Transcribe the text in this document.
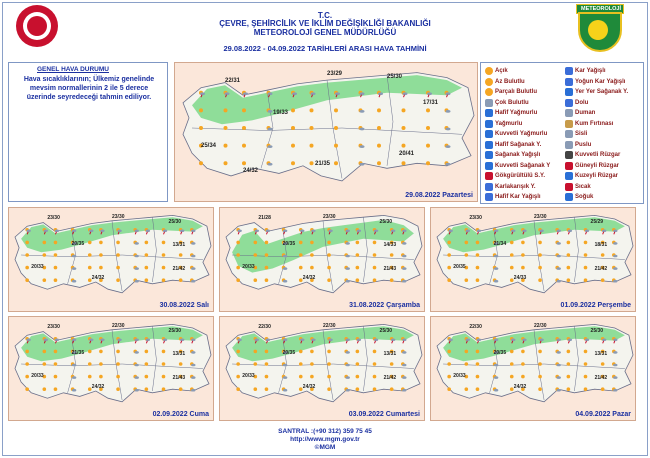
T.C.
ÇEVRE, ŞEHİRCİLİK VE İKLİM DEĞİŞİKLİĞİ BAKANLIĞI
METEOROLOJİ GENEL MÜDÜRLÜĞÜ
29.08.2022 - 04.09.2022 TARİHLERİ ARASI HAVA TAHMİNİ
METEOROLOJİ
GENEL HAVA DURUMU
Hava sıcaklıklarının; Ülkemiz genelinde mevsim normallerinin 2 ile 5 derece üzerinde seyredeceği tahmin ediliyor.
29.08.2022 Pazartesi
22/31
23/29	25/30
17/31
19/33
25/34
21/35
20/41
24/32
Açık
Az Bulutlu
Parçalı Bulutlu
Çok Bulutlu
Hafif Yağmurlu
Yağmurlu
Kuvvetli Yağmurlu
Hafif Sağanak Y.
Sağanak Yağışlı
Kuvvetli Sağanak Y
Gökgürültülü S.Y.
Karlakarışık Y.
Hafif Kar Yağışlı
Kar Yağışlı
Yoğun Kar Yağışlı
Yer Yer Sağanak Y.
Dolu
Duman
Kum Fırtınası
Sisli
Puslu
Kuvvetli Rüzgar
Güneyli Rüzgar
Kuzeyli Rüzgar
Sıcak
Soğuk
23/30	23/30
25/30
13/31
20/35
21/42
24/32
20/33
30.08.2022 Salı
21/28	23/30
25/30
14/33
20/35
21/43
24/32
20/33
31.08.2022 Çarşamba
23/30	23/30
25/29
18/31
21/34
21/42
24/33
20/35
01.09.2022 Perşembe
23/30	22/30
25/30
13/31
21/35
21/43
24/32
20/33
02.09.2022 Cuma
22/30	22/30
25/30
13/31
20/35
21/42
24/32
20/33
03.09.2022 Cumartesi
22/30	22/30
25/30
13/31
20/35
21/42
24/32
20/33
04.09.2022 Pazar
SANTRAL :(+90 312) 359 75 45
http://www.mgm.gov.tr
©MGM
